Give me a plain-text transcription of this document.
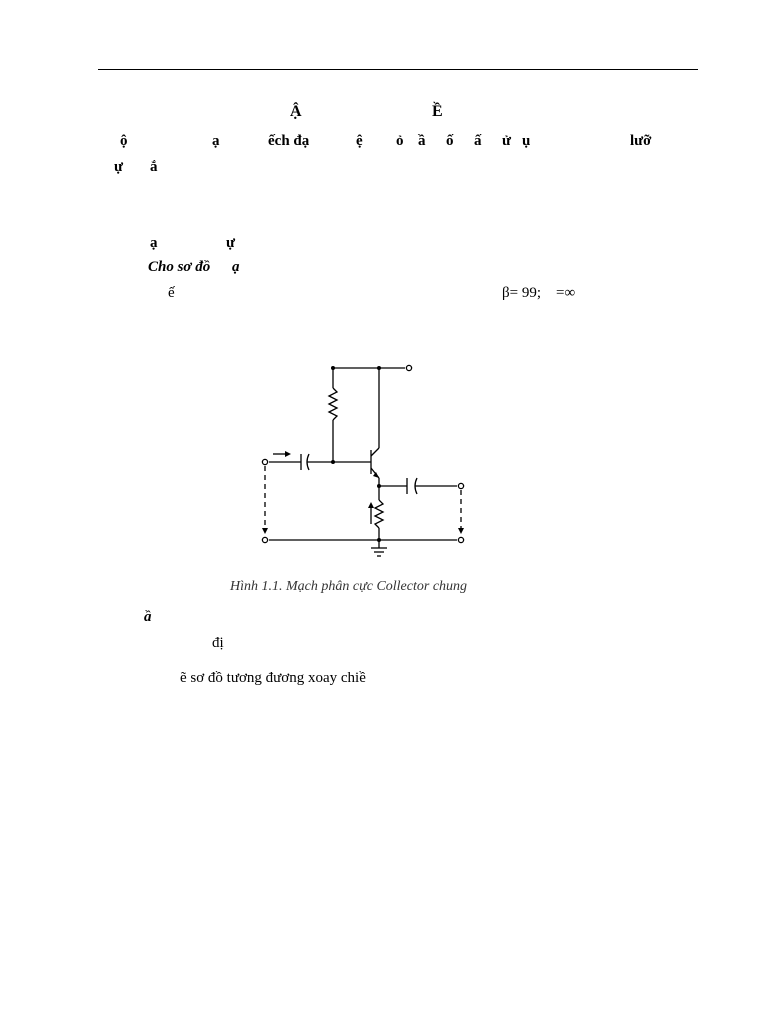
Ậ	Ề
ộ	ạ	ếch đạ	ệ ỏ ầ ố ấ ử ụ	lưỡ
ự ắ
ạ	ự
Cho sơ đồ ạ
ế	β= 99;    =∞
Hình 1.1. Mạch phân cực Collector chung
ầ
đị
ẽ sơ đồ tương đương xoay chiề
